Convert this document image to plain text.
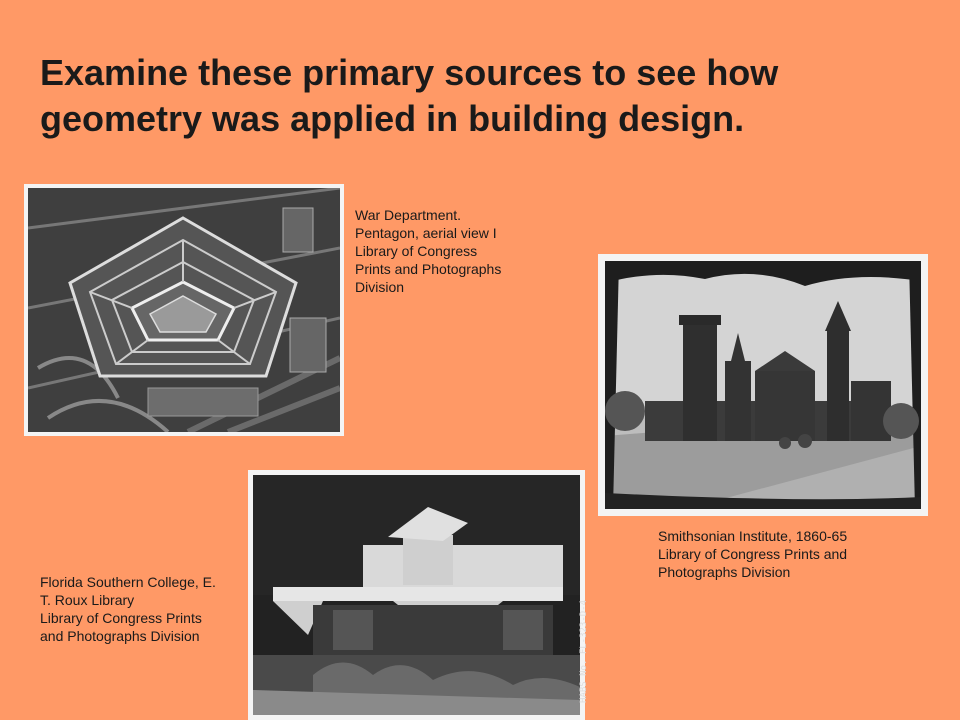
Examine these primary sources to see how
geometry was applied in building design.

War Department.
Pentagon, aerial view I
Library of Congress
Prints and Photographs
Division

Smithsonian Institute, 1860-65
Library of Congress Prints and
Photographs Division

HABS No. FL-323-D-4

Florida Southern College, E.
T. Roux Library
Library of Congress Prints
and Photographs Division
